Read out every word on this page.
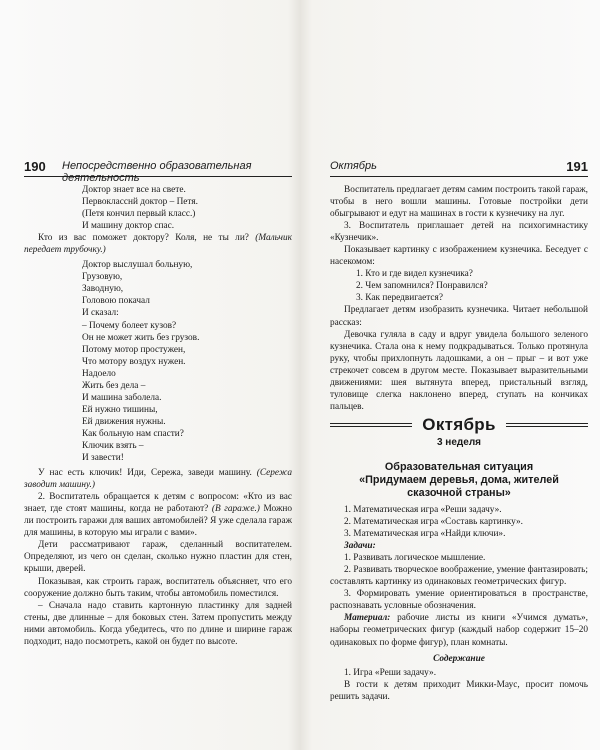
190 Непосредственно образовательная деятельность
Октябрь	191
Доктор знает все на свете.
Первокласснй доктор – Петя.
(Петя кончил первый класс.)
И машину доктор спас.
Кто из вас поможет доктору? Коля, не ты ли? (Мальчик передает трубочку.)
Доктор выслушал больную,
Грузовую,
Заводную,
Головою покачал
И сказал:
– Почему болеет кузов?
Он не может жить без грузов.
Потому мотор простужен,
Что мотору воздух нужен.
Надоело
Жить без дела –
И машина заболела.
Ей нужно тишины,
Ей движения нужны.
Как больную нам спасти?
Ключик взять –
И завести!
У нас есть ключик! Иди, Сережа, заведи машину. (Сережа заводит машину.)
2. Воспитатель обращается к детям с вопросом: «Кто из вас знает, где стоят машины, когда не работают? (В гараже.) Можно ли построить гаражи для ваших автомобилей? Я уже сделала гараж для машины, в которую мы играли с вами».
Дети рассматривают гараж, сделанный воспитателем. Определяют, из чего он сделан, сколько нужно пластин для стен, крыши, дверей.
Показывая, как строить гараж, воспитатель объясняет, что его сооружение должно быть таким, чтобы автомобиль поместился.
– Сначала надо ставить картонную пластинку для задней стены, две длинные – для боковых стен. Затем пропустить между ними автомобиль. Когда убедитесь, что по длине и ширине гараж подходит, надо посмотреть, какой он будет по высоте.
Воспитатель предлагает детям самим построить такой гараж, чтобы в него вошли машины. Готовые постройки дети обыгрывают и едут на машинах в гости к кузнечику на луг.
3. Воспитатель приглашает детей на психогимнастику «Кузнечик».
Показывает картинку с изображением кузнечика. Беседует с насекомом:
1. Кто и где видел кузнечика?
2. Чем запомнился? Понравился?
3. Как передвигается?
Предлагает детям изобразить кузнечика. Читает небольшой рассказ:
Девочка гуляла в саду и вдруг увидела большого зеленого кузнечика. Стала она к нему подкрадываться. Только протянула руку, чтобы прихлопнуть ладошками, а он – прыг – и вот уже стрекочет совсем в другом месте. Показывает выразительными движениями: шея вытянута вперед, пристальный взгляд, туловище слегка наклонено вперед, ступать на кончиках пальцев.
Октябрь
3 неделя
Образовательная ситуация
«Придумаем деревья, дома, жителей
сказочной страны»
1. Математическая игра «Реши задачу».
2. Математическая игра «Составь картинку».
3. Математическая игра «Найди ключи».
Задачи:
1. Развивать логическое мышление.
2. Развивать творческое воображение, умение фантазировать; составлять картинку из одинаковых геометрических фигур.
3. Формировать умение ориентироваться в пространстве, распознавать условные обозначения.
Материал: рабочие листы из книги «Учимся думать», наборы геометрических фигур (каждый набор содержит 15–20 одинаковых по форме фигур), план комнаты.
Содержание
1. Игра «Реши задачу».
В гости к детям приходит Микки-Маус, просит помочь решить задачи.
